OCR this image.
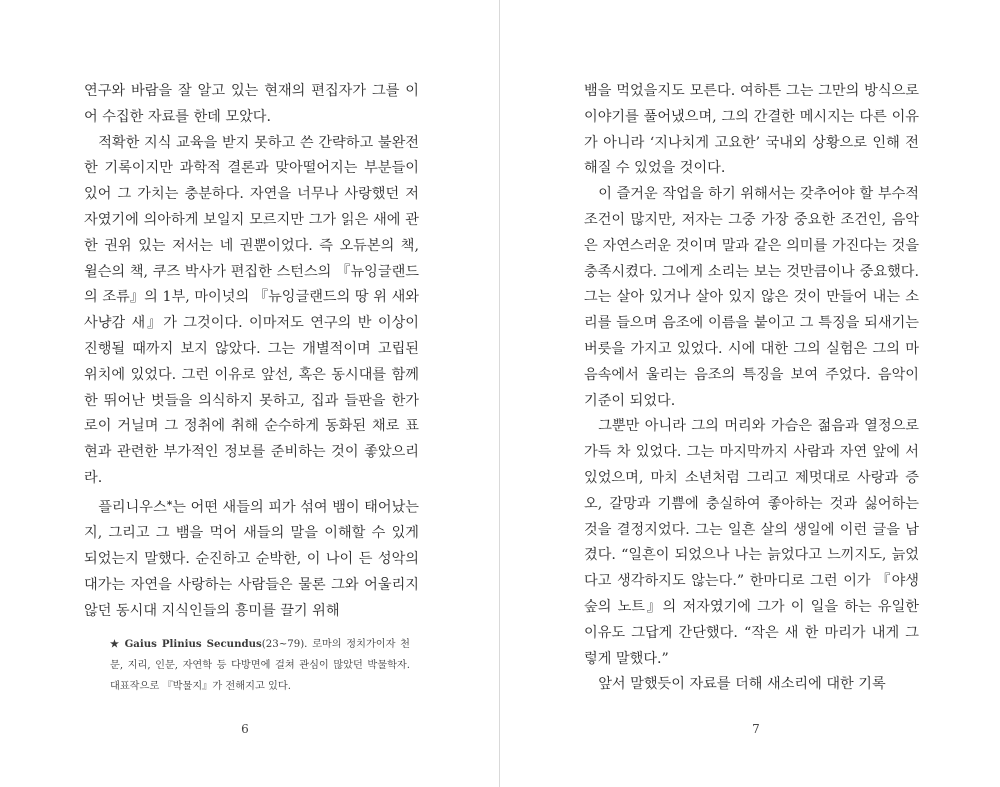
연구와 바람을 잘 알고 있는 현재의 편집자가 그를 이어 수집한 자료를 한데 모았다.

적확한 지식 교육을 받지 못하고 쓴 간략하고 불완전한 기록이지만 과학적 결론과 맞아떨어지는 부분들이 있어 그 가치는 충분하다. 자연을 너무나 사랑했던 저자였기에 의아하게 보일지 모르지만 그가 읽은 새에 관한 권위 있는 저서는 네 권뿐이었다. 즉 오듀본의 책, 윌슨의 책, 쿠즈 박사가 편집한 스턴스의 『뉴잉글랜드의 조류』의 1부, 마이넛의 『뉴잉글랜드의 땅 위 새와 사냥감 새』가 그것이다. 이마저도 연구의 반 이상이 진행될 때까지 보지 않았다. 그는 개별적이며 고립된 위치에 있었다. 그런 이유로 앞선, 혹은 동시대를 함께한 뛰어난 벗들을 의식하지 못하고, 집과 들판을 한가로이 거닐며 그 정취에 취해 순수하게 동화된 채로 표현과 관련한 부가적인 정보를 준비하는 것이 좋았으리라.

플리니우스*는 어떤 새들의 피가 섞여 뱀이 태어났는지, 그리고 그 뱀을 먹어 새들의 말을 이해할 수 있게 되었는지 말했다. 순진하고 순박한, 이 나이 든 성악의 대가는 자연을 사랑하는 사람들은 물론 그와 어울리지 않던 동시대 지식인들의 흥미를 끌기 위해

★ Gaius Plinius Secundus(23~79). 로마의 정치가이자 천문, 지리, 인문, 자연학 등 다방면에 걸쳐 관심이 많았던 박물학자. 대표작으로 『박물지』가 전해지고 있다.
6

뱀을 먹었을지도 모른다. 여하튼 그는 그만의 방식으로 이야기를 풀어냈으며, 그의 간결한 메시지는 다른 이유가 아니라 ‘지나치게 고요한’ 국내외 상황으로 인해 전해질 수 있었을 것이다.

이 즐거운 작업을 하기 위해서는 갖추어야 할 부수적 조건이 많지만, 저자는 그중 가장 중요한 조건인, 음악은 자연스러운 것이며 말과 같은 의미를 가진다는 것을 충족시켰다. 그에게 소리는 보는 것만큼이나 중요했다. 그는 살아 있거나 살아 있지 않은 것이 만들어 내는 소리를 들으며 음조에 이름을 붙이고 그 특징을 되새기는 버릇을 가지고 있었다. 시에 대한 그의 실험은 그의 마음속에서 울리는 음조의 특징을 보여 주었다. 음악이 기준이 되었다.

그뿐만 아니라 그의 머리와 가슴은 젊음과 열정으로 가득 차 있었다. 그는 마지막까지 사람과 자연 앞에 서 있었으며, 마치 소년처럼 그리고 제멋대로 사랑과 증오, 갈망과 기쁨에 충실하여 좋아하는 것과 싫어하는 것을 결정지었다. 그는 일흔 살의 생일에 이런 글을 남겼다. “일흔이 되었으나 나는 늙었다고 느끼지도, 늙었다고 생각하지도 않는다.” 한마디로 그런 이가 『야생 숲의 노트』의 저자였기에 그가 이 일을 하는 유일한 이유도 그답게 간단했다. “작은 새 한 마리가 내게 그렇게 말했다.”

앞서 말했듯이 자료를 더해 새소리에 대한 기록

7
